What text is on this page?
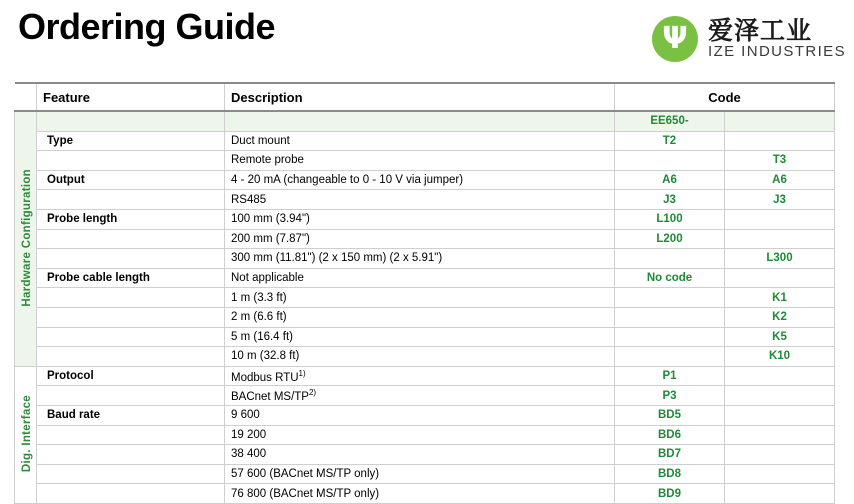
Ordering Guide	Ψ 爱泽工业
IZE INDUSTRIES
	Feature	Description	Code	
Hardware Configuration			EE650-	
	Type	Duct mount	T2	
		Remote probe		T3
	Output	4 - 20 mA (changeable to 0 - 10 V via jumper)	A6	A6
		RS485	J3	J3
	Probe length	100 mm (3.94")	L100	
		200 mm (7.87")	L200	
		300 mm (11.81") (2 x 150 mm) (2 x 5.91")		L300
	Probe cable length	Not applicable	No code	
		1 m (3.3 ft)		K1
		2 m (6.6 ft)		K2
		5 m (16.4 ft)		K5
		10 m (32.8 ft)		K10
Dig. Interface	Protocol	Modbus RTU$^{1)}$	P1	
		BACnet MS/TP$^{2)}$	P3	
	Baud rate	9 600	BD5	
		19 200	BD6	
		38 400	BD7	
		57 600 (BACnet MS/TP only)	BD8	
		76 800 (BACnet MS/TP only)	BD9	
